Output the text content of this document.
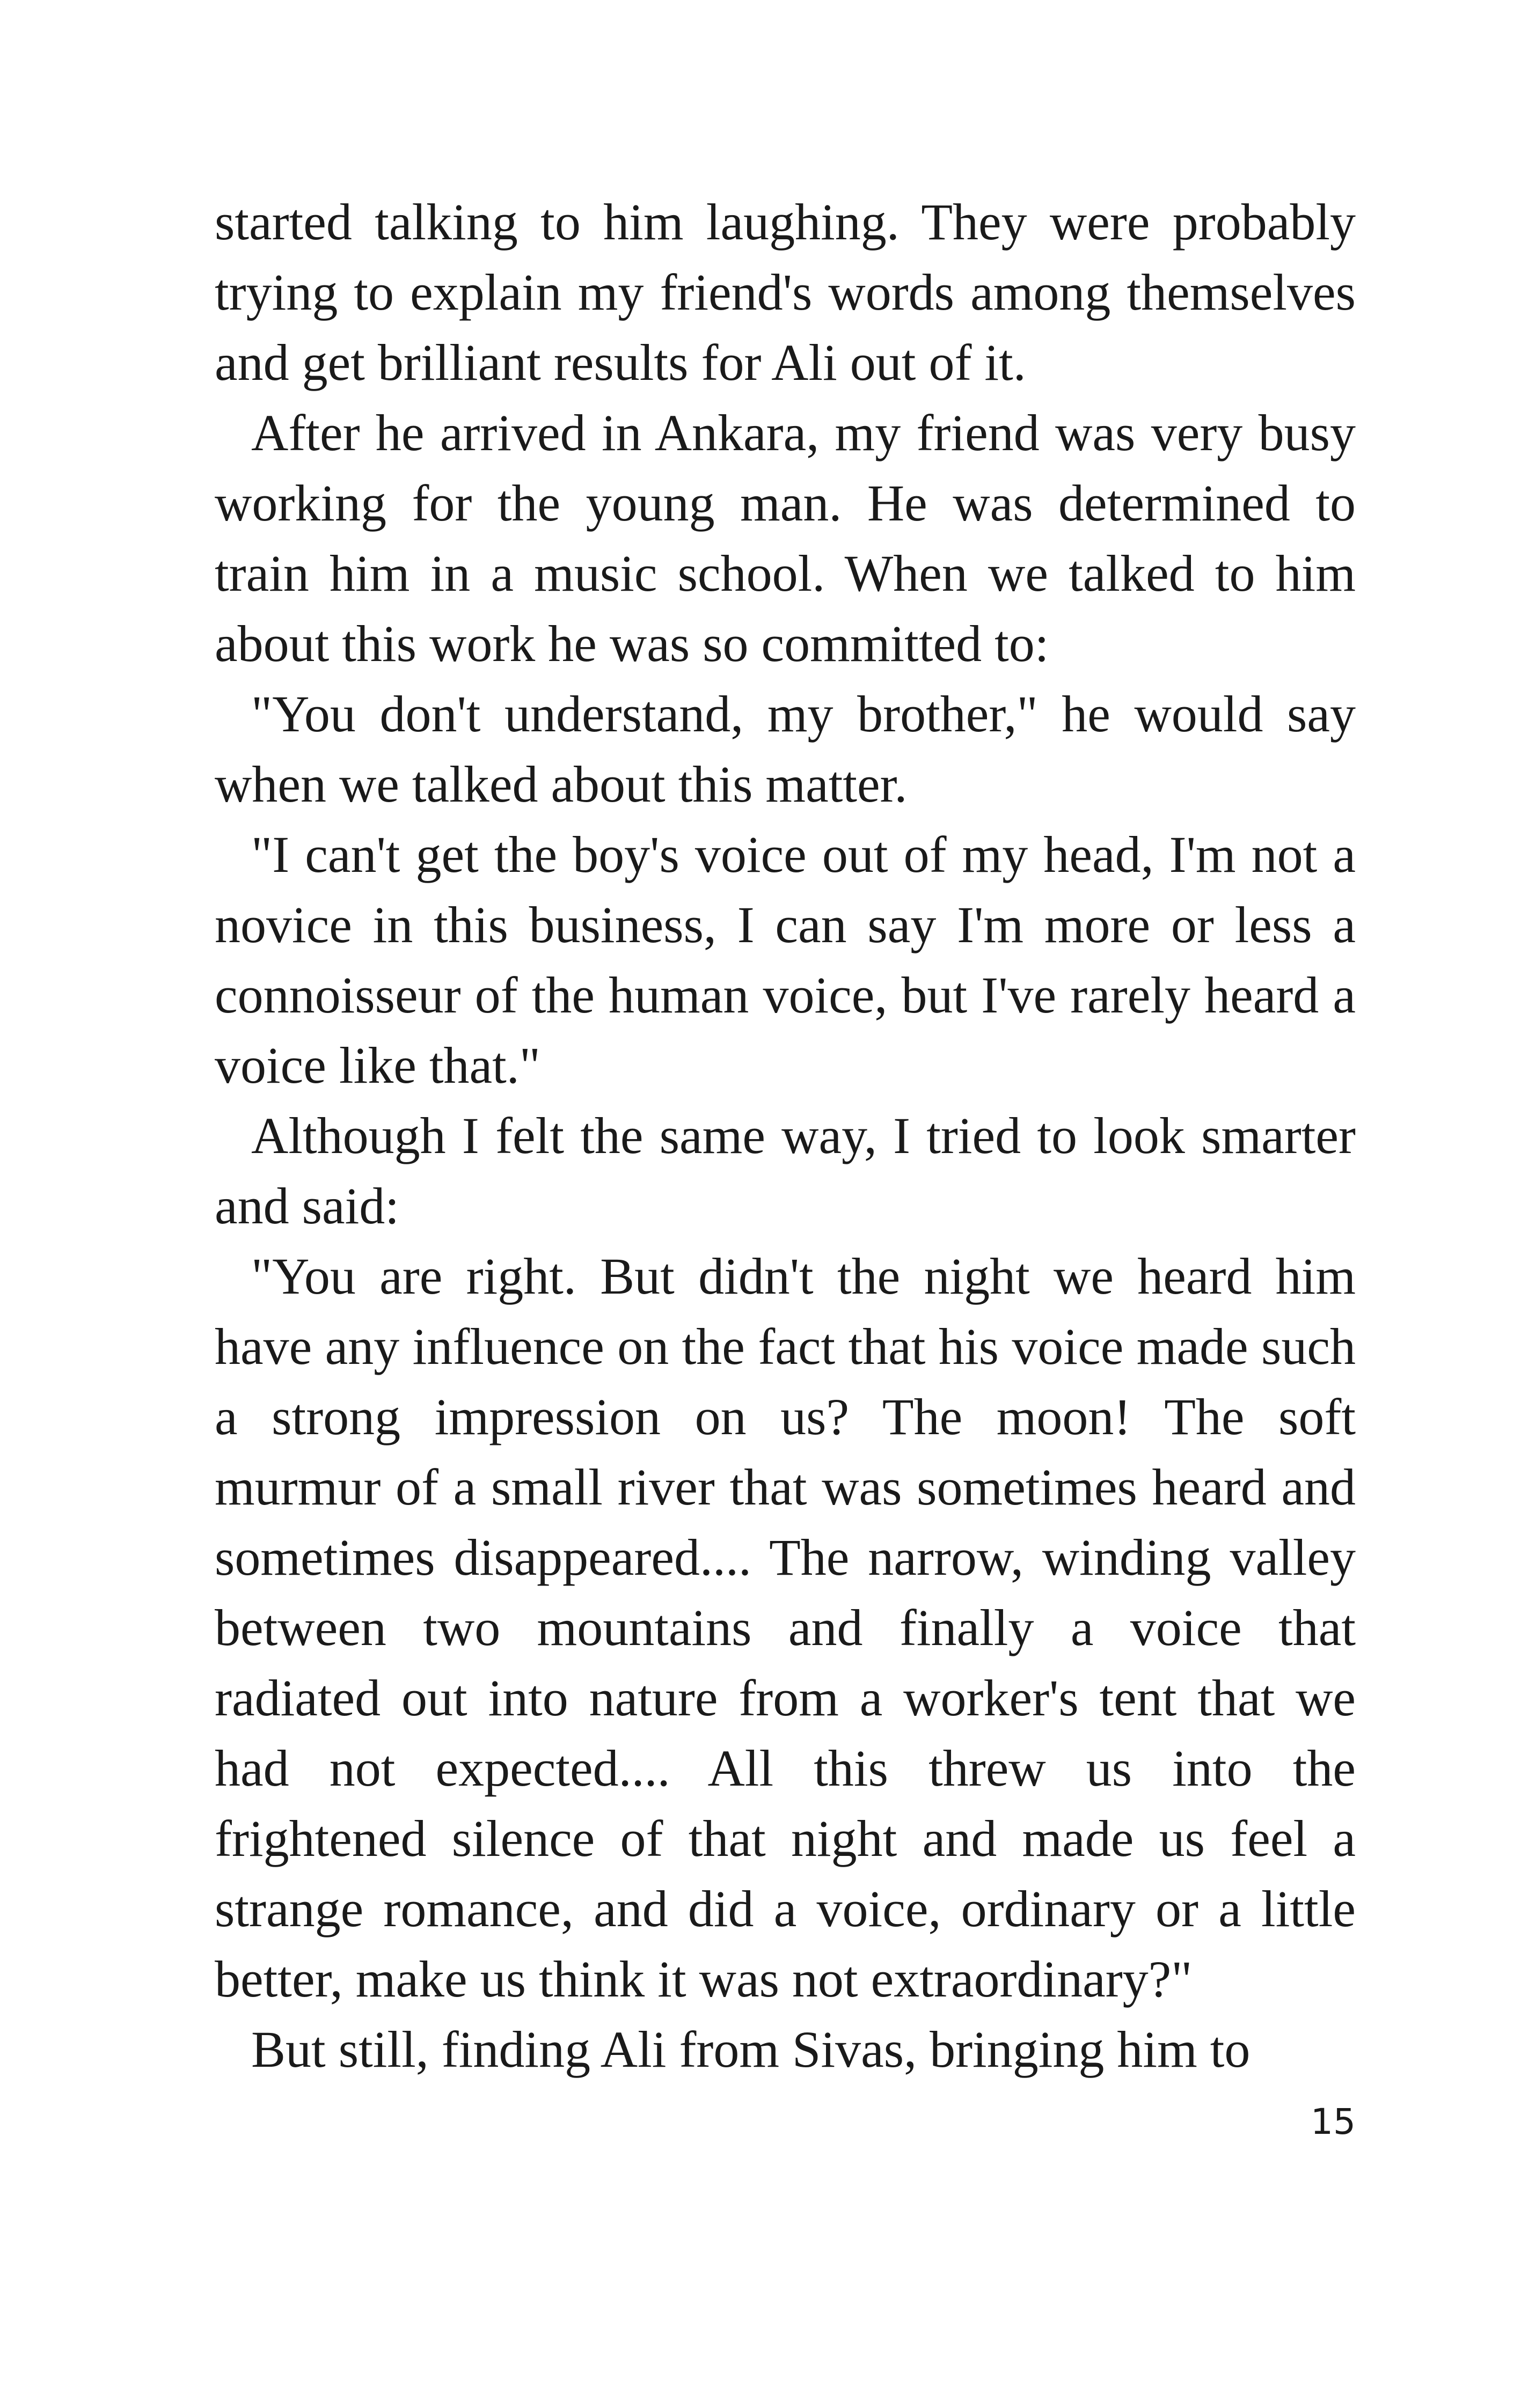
started talking to him laughing. They were probably trying to explain my friend's words among themselves and get brilliant results for Ali out of it.

After he arrived in Ankara, my friend was very busy working for the young man. He was determined to train him in a music school. When we talked to him about this work he was so committed to:

"You don't understand, my brother," he would say when we talked about this matter.

"I can't get the boy's voice out of my head, I'm not a novice in this business, I can say I'm more or less a connoisseur of the human voice, but I've rarely heard a voice like that."

Although I felt the same way, I tried to look smarter and said:

"You are right. But didn't the night we heard him have any influence on the fact that his voice made such a strong impression on us? The moon! The soft murmur of a small river that was sometimes heard and sometimes disappeared.... The narrow, winding valley between two mountains and finally a voice that radiated out into nature from a worker's tent that we had not expected.... All this threw us into the frightened silence of that night and made us feel a strange romance, and did a voice, ordinary or a little better, make us think it was not extraordinary?"

But still, finding Ali from Sivas, bringing him to

15
